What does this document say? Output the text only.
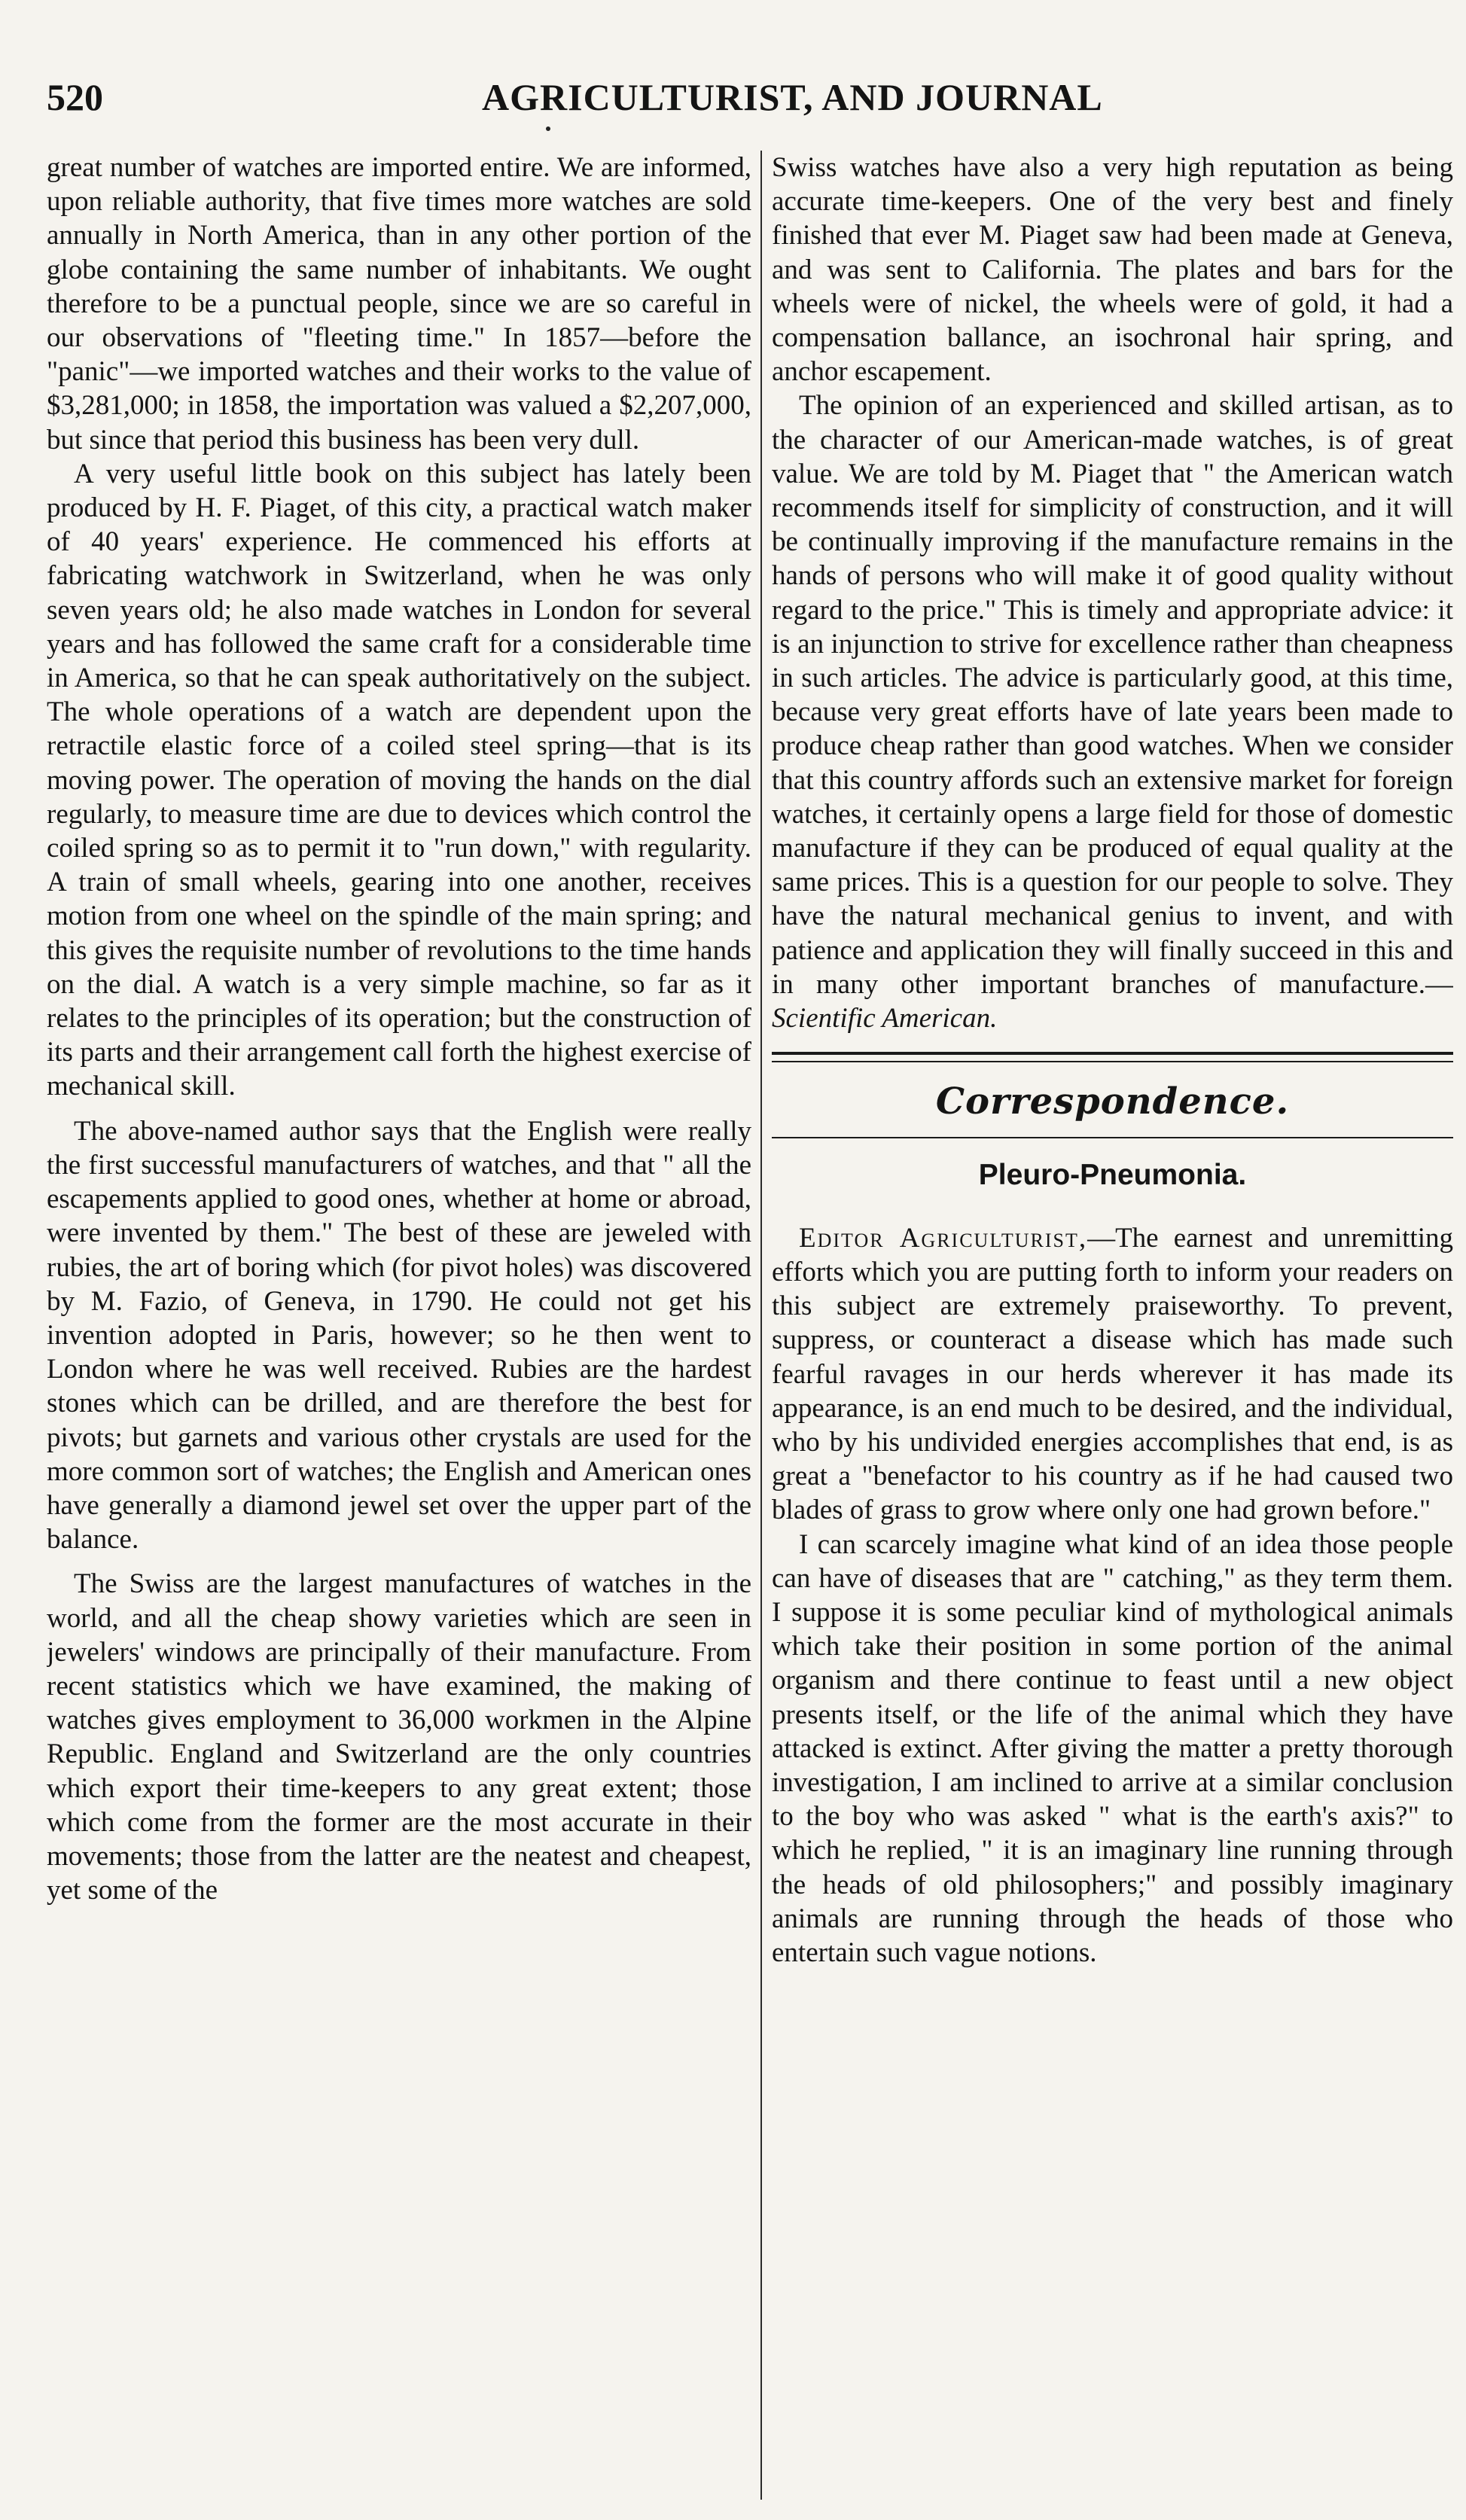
520	AGRICULTURIST, AND JOURNAL

great number of watches are imported entire. We are informed, upon reliable authority, that five times more watches are sold annually in North America, than in any other portion of the globe containing the same number of inhabitants. We ought therefore to be a punctual people, since we are so careful in our observations of "fleeting time." In 1857—before the "panic"—we imported watches and their works to the value of $3,281,000; in 1858, the importation was valued a $2,207,000, but since that period this business has been very dull.

A very useful little book on this subject has lately been produced by H. F. Piaget, of this city, a practical watch maker of 40 years' experience. He commenced his efforts at fabricating watchwork in Switzerland, when he was only seven years old; he also made watches in London for several years and has followed the same craft for a considerable time in America, so that he can speak authoritatively on the subject. The whole operations of a watch are dependent upon the retractile elastic force of a coiled steel spring—that is its moving power. The operation of moving the hands on the dial regularly, to measure time are due to devices which control the coiled spring so as to permit it to "run down," with regularity. A train of small wheels, gearing into one another, receives motion from one wheel on the spindle of the main spring; and this gives the requisite number of revolutions to the time hands on the dial. A watch is a very simple machine, so far as it relates to the principles of its operation; but the construction of its parts and their arrangement call forth the highest exercise of mechanical skill.

The above-named author says that the English were really the first successful manufacturers of watches, and that " all the escapements applied to good ones, whether at home or abroad, were invented by them." The best of these are jeweled with rubies, the art of boring which (for pivot holes) was discovered by M. Fazio, of Geneva, in 1790. He could not get his invention adopted in Paris, however; so he then went to London where he was well received. Rubies are the hardest stones which can be drilled, and are therefore the best for pivots; but garnets and various other crystals are used for the more common sort of watches; the English and American ones have generally a diamond jewel set over the upper part of the balance.

The Swiss are the largest manufactures of watches in the world, and all the cheap showy varieties which are seen in jewelers' windows are principally of their manufacture. From recent statistics which we have examined, the making of watches gives employment to 36,000 workmen in the Alpine Republic. England and Switzerland are the only countries which export their time-keepers to any great extent; those which come from the former are the most accurate in their movements; those from the latter are the neatest and cheapest, yet some of the

Swiss watches have also a very high reputation as being accurate time-keepers. One of the very best and finely finished that ever M. Piaget saw had been made at Geneva, and was sent to California. The plates and bars for the wheels were of nickel, the wheels were of gold, it had a compensation ballance, an isochronal hair spring, and anchor escapement.

The opinion of an experienced and skilled artisan, as to the character of our American-made watches, is of great value. We are told by M. Piaget that " the American watch recommends itself for simplicity of construction, and it will be continually improving if the manufacture remains in the hands of persons who will make it of good quality without regard to the price." This is timely and appropriate advice: it is an injunction to strive for excellence rather than cheapness in such articles. The advice is particularly good, at this time, because very great efforts have of late years been made to produce cheap rather than good watches. When we consider that this country affords such an extensive market for foreign watches, it certainly opens a large field for those of domestic manufacture if they can be produced of equal quality at the same prices. This is a question for our people to solve. They have the natural mechanical genius to invent, and with patience and application they will finally succeed in this and in many other important branches of manufacture.—Scientific American.

Correspondence.
Pleuro-Pneumonia.

Editor Agriculturist,—The earnest and unremitting efforts which you are putting forth to inform your readers on this subject are extremely praiseworthy. To prevent, suppress, or counteract a disease which has made such fearful ravages in our herds wherever it has made its appearance, is an end much to be desired, and the individual, who by his undivided energies accomplishes that end, is as great a "benefactor to his country as if he had caused two blades of grass to grow where only one had grown before."

I can scarcely imagine what kind of an idea those people can have of diseases that are " catching," as they term them. I suppose it is some peculiar kind of mythological animals which take their position in some portion of the animal organism and there continue to feast until a new object presents itself, or the life of the animal which they have attacked is extinct. After giving the matter a pretty thorough investigation, I am inclined to arrive at a similar conclusion to the boy who was asked " what is the earth's axis?" to which he replied, " it is an imaginary line running through the heads of old philosophers;" and possibly imaginary animals are running through the heads of those who entertain such vague notions.
